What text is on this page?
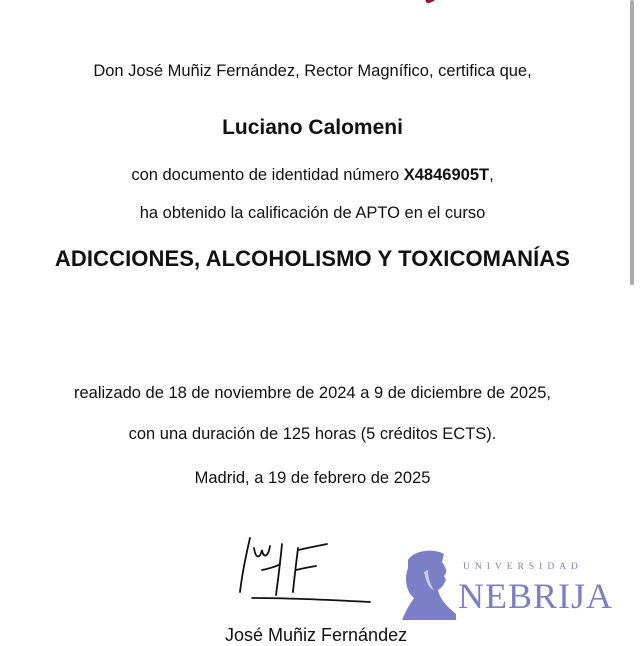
Don José Muñiz Fernández, Rector Magnífico, certifica que,
Luciano Calomeni
con documento de identidad número X4846905T,
ha obtenido la calificación de APTO en el curso
ADICCIONES, ALCOHOLISMO Y TOXICOMANÍAS
realizado de 18 de noviembre de 2024 a 9 de diciembre de 2025,
con una duración de 125 horas (5 créditos ECTS).
Madrid, a 19 de febrero de 2025
UNIVERSIDAD
NEBRIJA
José Muñiz Fernández
